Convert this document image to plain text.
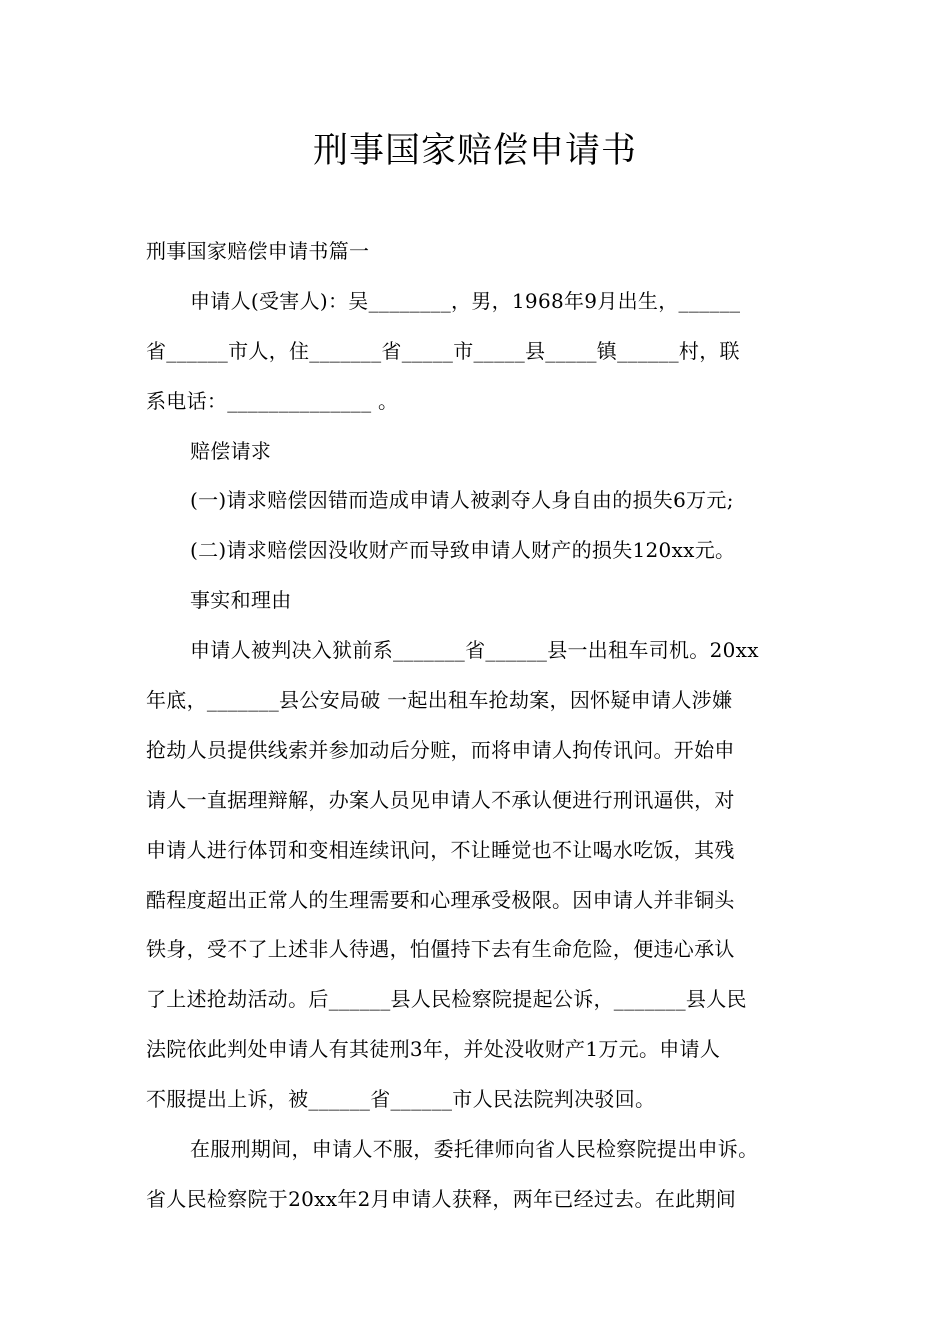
刑事国家赔偿申请书
刑事国家赔偿申请书篇一
申请人(受害人)：吴________，男，1968年9月出生，______
省______市人，住_______省_____市_____县_____镇______村，联
系电话：______________ 。
赔偿请求
(一)请求赔偿因错而造成申请人被剥夺人身自由的损失6万元;
(二)请求赔偿因没收财产而导致申请人财产的损失120xx元。
事实和理由
申请人被判决入狱前系_______省______县一出租车司机。20xx
年底，_______县公安局破 一起出租车抢劫案，因怀疑申请人涉嫌
抢劫人员提供线索并参加动后分赃，而将申请人拘传讯问。开始申
请人一直据理辩解，办案人员见申请人不承认便进行刑讯逼供，对
申请人进行体罚和变相连续讯问，不让睡觉也不让喝水吃饭，其残
酷程度超出正常人的生理需要和心理承受极限。因申请人并非铜头
铁身，受不了上述非人待遇，怕僵持下去有生命危险，便违心承认
了上述抢劫活动。后______县人民检察院提起公诉，_______县人民
法院依此判处申请人有其徒刑3年，并处没收财产1万元。申请人
不服提出上诉，被______省______市人民法院判决驳回。
在服刑期间，申请人不服，委托律师向省人民检察院提出申诉。
省人民检察院于20xx年2月申请人获释，两年已经过去。在此期间
